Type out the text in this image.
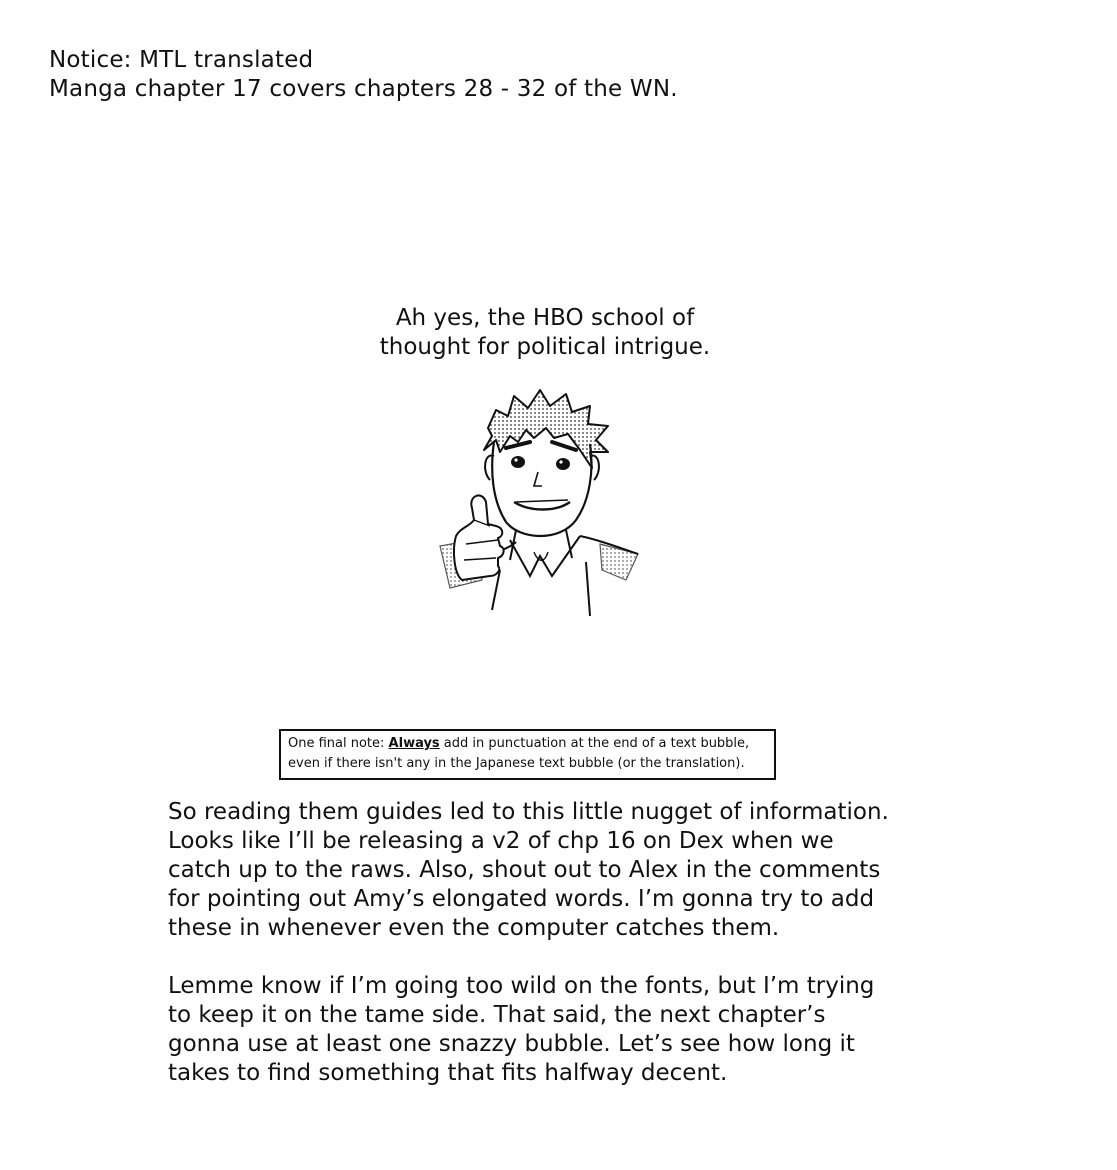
Notice: MTL translated
Manga chapter 17 covers chapters 28 - 32 of the WN.
Ah yes, the HBO school of
thought for political intrigue.
One final note: Always add in punctuation at the end of a text bubble,
even if there isn't any in the Japanese text bubble (or the translation).

So reading them guides led to this little nugget of information.
Looks like I’ll be releasing a v2 of chp 16 on Dex when we
catch up to the raws. Also, shout out to Alex in the comments
for pointing out Amy’s elongated words. I’m gonna try to add
these in whenever even the computer catches them.

Lemme know if I’m going too wild on the fonts, but I’m trying
to keep it on the tame side. That said, the next chapter’s
gonna use at least one snazzy bubble. Let’s see how long it
takes to find something that fits halfway decent.
